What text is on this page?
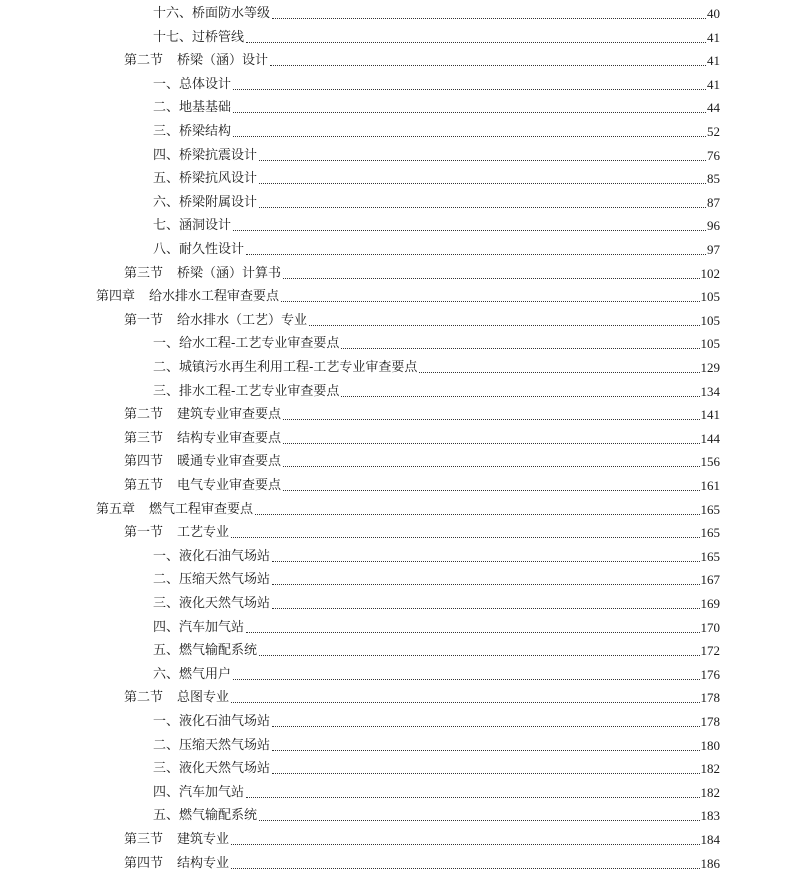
十六、桥面防水等级	40
十七、过桥管线	41
第二节 桥梁（涵）设计	41
一、总体设计	41
二、地基基础	44
三、桥梁结构	52
四、桥梁抗震设计	76
五、桥梁抗风设计	85
六、桥梁附属设计	87
七、涵洞设计	96
八、耐久性设计	97
第三节 桥梁（涵）计算书	102
第四章 给水排水工程审查要点	105
第一节 给水排水（工艺）专业	105
一、给水工程-工艺专业审查要点	105
二、城镇污水再生利用工程-工艺专业审查要点	129
三、排水工程-工艺专业审查要点	134
第二节 建筑专业审查要点	141
第三节 结构专业审查要点	144
第四节 暖通专业审查要点	156
第五节 电气专业审查要点	161
第五章 燃气工程审查要点	165
第一节 工艺专业	165
一、液化石油气场站	165
二、压缩天然气场站	167
三、液化天然气场站	169
四、汽车加气站	170
五、燃气输配系统	172
六、燃气用户	176
第二节 总图专业	178
一、液化石油气场站	178
二、压缩天然气场站	180
三、液化天然气场站	182
四、汽车加气站	182
五、燃气输配系统	183
第三节 建筑专业	184
第四节 结构专业	186
